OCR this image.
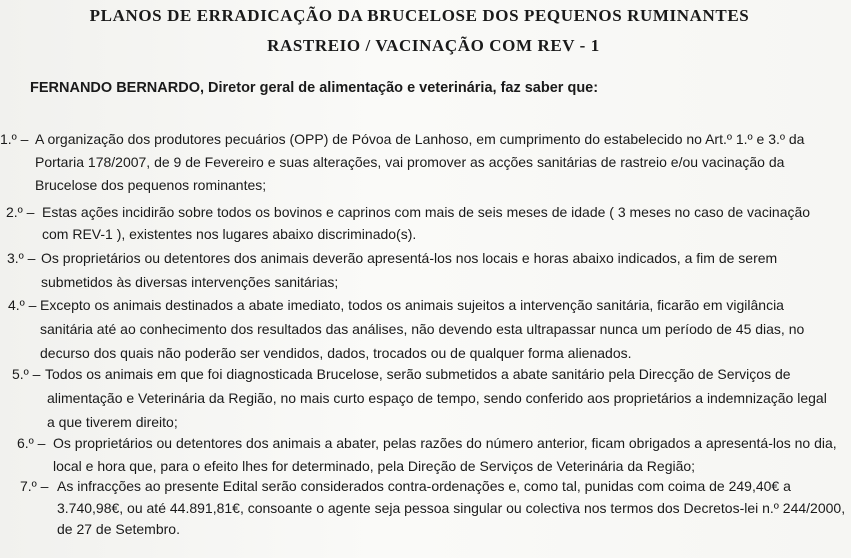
PLANOS DE ERRADICAÇÃO DA BRUCELOSE DOS PEQUENOS RUMINANTES
RASTREIO / VACINAÇÃO COM REV - 1
FERNANDO BERNARDO, Diretor geral de alimentação e veterinária, faz saber que:
1.º – A organização dos produtores pecuários (OPP) de Póvoa de Lanhoso, em cumprimento do estabelecido no Art.º 1.º e 3.º da
Portaria 178/2007, de 9 de Fevereiro e suas alterações, vai promover as acções sanitárias de rastreio e/ou vacinação da
Brucelose dos pequenos rominantes;
2.º – Estas ações incidirão sobre todos os bovinos e caprinos com mais de seis meses de idade ( 3 meses no caso de vacinação
com REV-1 ), existentes nos lugares abaixo discriminado(s).
3.º – Os proprietários ou detentores dos animais deverão apresentá-los nos locais e horas abaixo indicados, a fim de serem
submetidos às diversas intervenções sanitárias;
4.º – Excepto os animais destinados a abate imediato, todos os animais sujeitos a intervenção sanitária, ficarão em vigilância
sanitária até ao conhecimento dos resultados das análises, não devendo esta ultrapassar nunca um período de 45 dias, no
decurso dos quais não poderão ser vendidos, dados, trocados ou de qualquer forma alienados.
5.º – Todos os animais em que foi diagnosticada Brucelose, serão submetidos a abate sanitário pela Direcção de Serviços de
alimentação e Veterinária da Região, no mais curto espaço de tempo, sendo conferido aos proprietários a indemnização legal
a que tiverem direito;
6.º – Os proprietários ou detentores dos animais a abater, pelas razões do número anterior, ficam obrigados a apresentá-los no dia,
local e hora que, para o efeito lhes for determinado, pela Direção de Serviços de Veterinária da Região;
7.º – As infracções ao presente Edital serão considerados contra-ordenações e, como tal, punidas com coima de 249,40€ a
3.740,98€, ou até 44.891,81€, consoante o agente seja pessoa singular ou colectiva nos termos dos Decretos-lei n.º 244/2000,
de 27 de Setembro.
